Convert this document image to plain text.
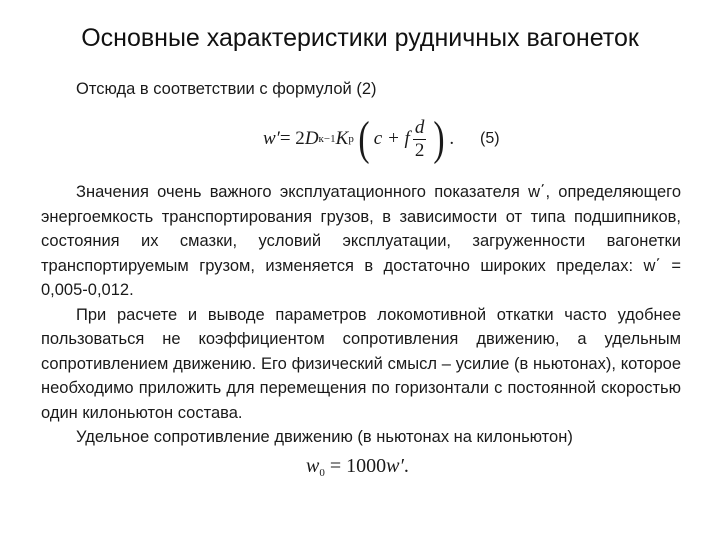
Основные характеристики рудничных вагонеток
Отсюда в соответствии с формулой (2)
w′ = 2 D к −1 K р ( c + f $\frac{d}{2}$ ) . (5)

Значения очень важного эксплуатационного показателя w΄, определяющего энергоемкость транспортирования грузов, в зависимости от типа подшипников, состояния их смазки, условий эксплуатации, загруженности вагонетки транспортируемым грузом, изменяется в достаточно широких пределах: w΄ = 0,005-0,012.

При расчете и выводе параметров локомотивной откатки часто удобнее пользоваться не коэффициентом сопротивления движению, а удельным сопротивлением движению. Его физический смысл – усилие (в ньютонах), которое необходимо приложить для перемещения по горизонтали с постоянной скоростью один килоньютон состава.

Удельное сопротивление движению (в ньютонах на килоньютон)

$w_0 = 1000w'$.
